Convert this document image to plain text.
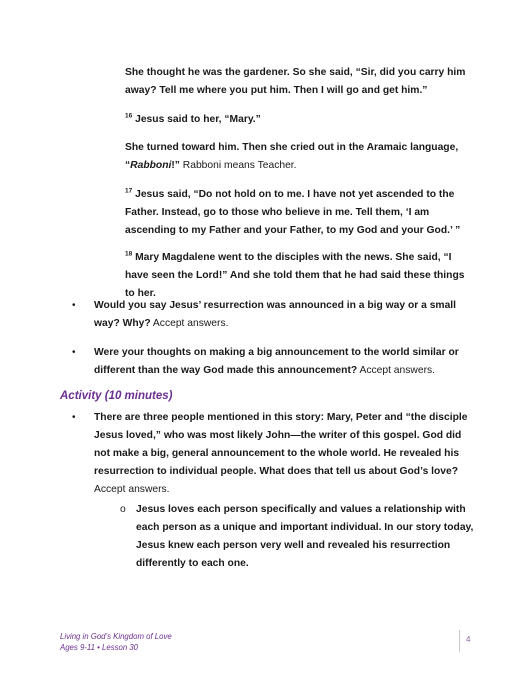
She thought he was the gardener. So she said, “Sir, did you carry him away? Tell me where you put him. Then I will go and get him.”
$^{16}$ Jesus said to her, “Mary.”
She turned toward him. Then she cried out in the Aramaic language, “Rabboni!” Rabboni means Teacher.
$^{17}$ Jesus said, “Do not hold on to me. I have not yet ascended to the Father. Instead, go to those who believe in me. Tell them, ‘I am ascending to my Father and your Father, to my God and your God.’ ”
$^{18}$ Mary Magdalene went to the disciples with the news. She said, “I have seen the Lord!” And she told them that he had said these things to her.
• Would you say Jesus’ resurrection was announced in a big way or a small way? Why? Accept answers.
• Were your thoughts on making a big announcement to the world similar or different than the way God made this announcement? Accept answers.
Activity (10 minutes)
• There are three people mentioned in this story: Mary, Peter and “the disciple Jesus loved,” who was most likely John—the writer of this gospel. God did not make a big, general announcement to the whole world. He revealed his resurrection to individual people. What does that tell us about God’s love? Accept answers.
o Jesus loves each person specifically and values a relationship with each person as a unique and important individual. In our story today, Jesus knew each person very well and revealed his resurrection differently to each one.
Living in God’s Kingdom of Love
Ages 9-11 • Lesson 30
4
